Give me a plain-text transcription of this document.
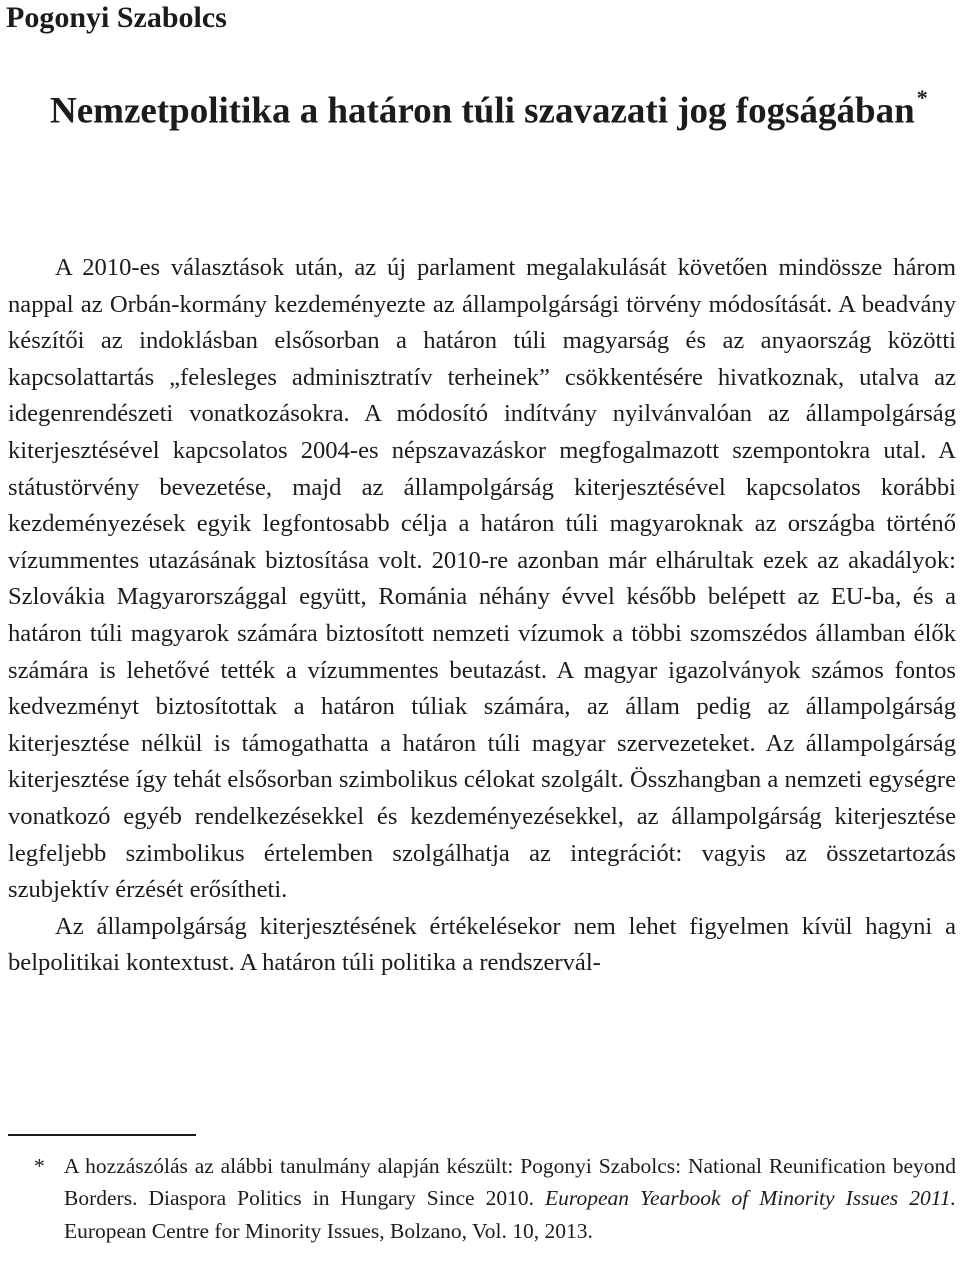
Pogonyi Szabolcs
Nemzetpolitika a határon túli szavazati jog fogságában*

A 2010-es választások után, az új parlament megalakulását követően mindössze három nappal az Orbán-kormány kezdeményezte az állampolgársági törvény módosítását. A beadvány készítői az indoklásban elsősorban a határon túli magyarság és az anyaország közötti kapcsolattartás „felesleges adminisztratív terheinek” csökkentésére hivatkoznak, utalva az idegenrendészeti vonatkozásokra. A módosító indítvány nyilvánvalóan az állampolgárság kiterjesztésével kapcsolatos 2004-es népszavazáskor megfogalmazott szempontokra utal. A státustörvény bevezetése, majd az állampolgárság kiterjesztésével kapcsolatos korábbi kezdeményezések egyik legfontosabb célja a határon túli magyaroknak az országba történő vízummentes utazásának biztosítása volt. 2010-re azonban már elhárultak ezek az akadályok: Szlovákia Magyarországgal együtt, Románia néhány évvel később belépett az EU-ba, és a határon túli magyarok számára biztosított nemzeti vízumok a többi szomszédos államban élők számára is lehetővé tették a vízummentes beutazást. A magyar igazolványok számos fontos kedvezményt biztosítottak a határon túliak számára, az állam pedig az állampolgárság kiterjesztése nélkül is támogathatta a határon túli magyar szervezeteket. Az állampolgárság kiterjesztése így tehát elsősorban szimbolikus célokat szolgált. Összhangban a nemzeti egységre vonatkozó egyéb rendelkezésekkel és kezdeményezésekkel, az állampolgárság kiterjesztése legfeljebb szimbolikus értelemben szolgálhatja az integrációt: vagyis az összetartozás szubjektív érzését erősítheti.

Az állampolgárság kiterjesztésének értékelésekor nem lehet figyelmen kívül hagyni a belpolitikai kontextust. A határon túli politika a rendszervál-

* A hozzászólás az alábbi tanulmány alapján készült: Pogonyi Szabolcs: National Reunification beyond Borders. Diaspora Politics in Hungary Since 2010. European Yearbook of Minority Issues 2011. European Centre for Minority Issues, Bolzano, Vol. 10, 2013.
